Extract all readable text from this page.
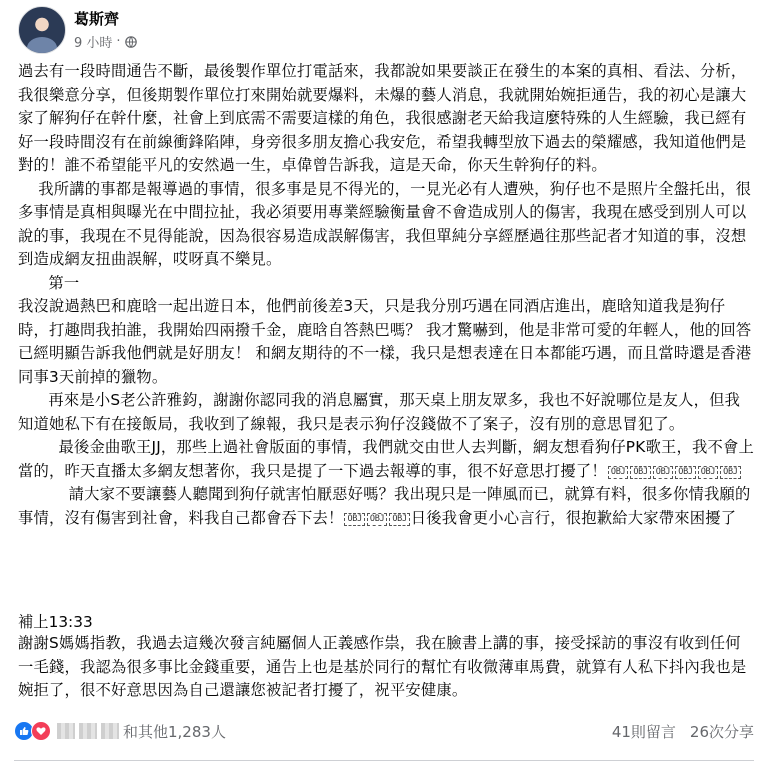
葛斯齊
9 小時 ·

過去有一段時間通告不斷，最後製作單位打電話來，我都說如果要談正在發生的本案的真相、看法、分析，我很樂意分享，但後期製作單位打來開始就要爆料，未爆的藝人消息，我就開始婉拒通告，我的初心是讓大家了解狗仔在幹什麼，社會上到底需不需要這樣的角色，我很感謝老天給我這麼特殊的人生經驗，我已經有好一段時間沒有在前線衝鋒陷陣，身旁很多朋友擔心我安危，希望我轉型放下過去的榮耀感，我知道他們是對的！誰不希望能平凡的安然過一生，卓偉曾告訴我，這是天命，你天生幹狗仔的料。

我所講的事都是報導過的事情，很多事是見不得光的，一見光必有人遭殃，狗仔也不是照片全盤托出，很多事情是真相與曝光在中間拉扯，我必須要用專業經驗衡量會不會造成別人的傷害，我現在感受到別人可以說的事，我現在不見得能說，因為很容易造成誤解傷害，我但單純分享經歷過往那些記者才知道的事，沒想到造成網友扭曲誤解，哎呀真不樂見。

第一

我沒說過熱巴和鹿晗一起出遊日本，他們前後差3天，只是我分別巧遇在同酒店進出，鹿晗知道我是狗仔時，打趣問我拍誰，我開始四兩撥千金，鹿晗自答熱巴嗎？ 我才驚嚇到，他是非常可愛的年輕人，他的回答已經明顯告訴我他們就是好朋友！ 和網友期待的不一樣，我只是想表達在日本都能巧遇，而且當時還是香港同事3天前掉的獵物。

再來是小S老公許雅鈞，謝謝你認同我的消息屬實，那天桌上朋友眾多，我也不好說哪位是友人，但我知道她私下有在接飯局，我收到了線報，我只是表示狗仔沒錢做不了案子，沒有別的意思冒犯了。

最後金曲歌王JJ，那些上過社會版面的事情，我們就交由世人去判斷，網友想看狗仔PK歌王，我不會上當的，昨天直播太多網友想著你，我只是提了一下過去報導的事，很不好意思打擾了！ OBJ OBJ OBJ OBJ OBJ OBJ

請大家不要讓藝人聽聞到狗仔就害怕厭惡好嗎？我出現只是一陣風而已，就算有料，很多你情我願的事情，沒有傷害到社會，料我自己都會吞下去！ OBJ OBJ OBJ 日後我會更小心言行，很抱歉給大家帶來困擾了

補上13:33
謝謝S媽媽指教，我過去這幾次發言純屬個人正義感作祟，我在臉書上講的事，接受採訪的事沒有收到任何一毛錢，我認為很多事比金錢重要，通告上也是基於同行的幫忙有收微薄車馬費，就算有人私下抖內我也是婉拒了，很不好意思因為自己還讓您被記者打擾了，祝平安健康。
和其他1,283人	41則留言 26次分享
